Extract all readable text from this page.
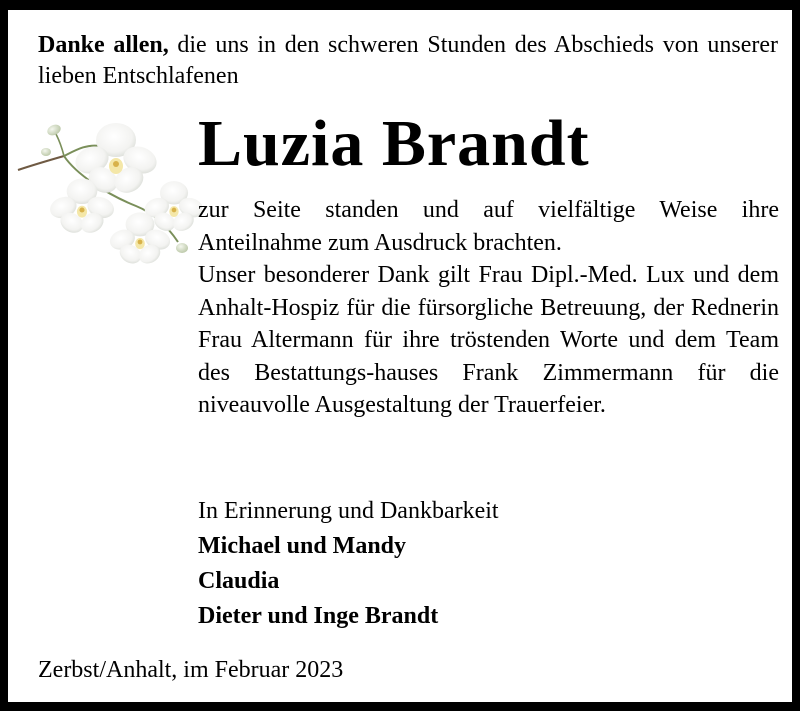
Danke allen, die uns in den schweren Stunden des Abschieds von unserer lieben Entschlafenen
Luzia Brandt

zur Seite standen und auf vielfältige Weise ihre Anteilnahme zum Ausdruck brachten.

Unser besonderer Dank gilt Frau Dipl.-Med. Lux und dem Anhalt-Hospiz für die fürsorgliche Betreuung, der Rednerin Frau Altermann für ihre tröstenden Worte und dem Team des Bestattungs-hauses Frank Zimmermann für die niveauvolle Ausgestaltung der Trauerfeier.

In Erinnerung und Dankbarkeit
Michael und Mandy
Claudia
Dieter und Inge Brandt
Zerbst/Anhalt, im Februar 2023
